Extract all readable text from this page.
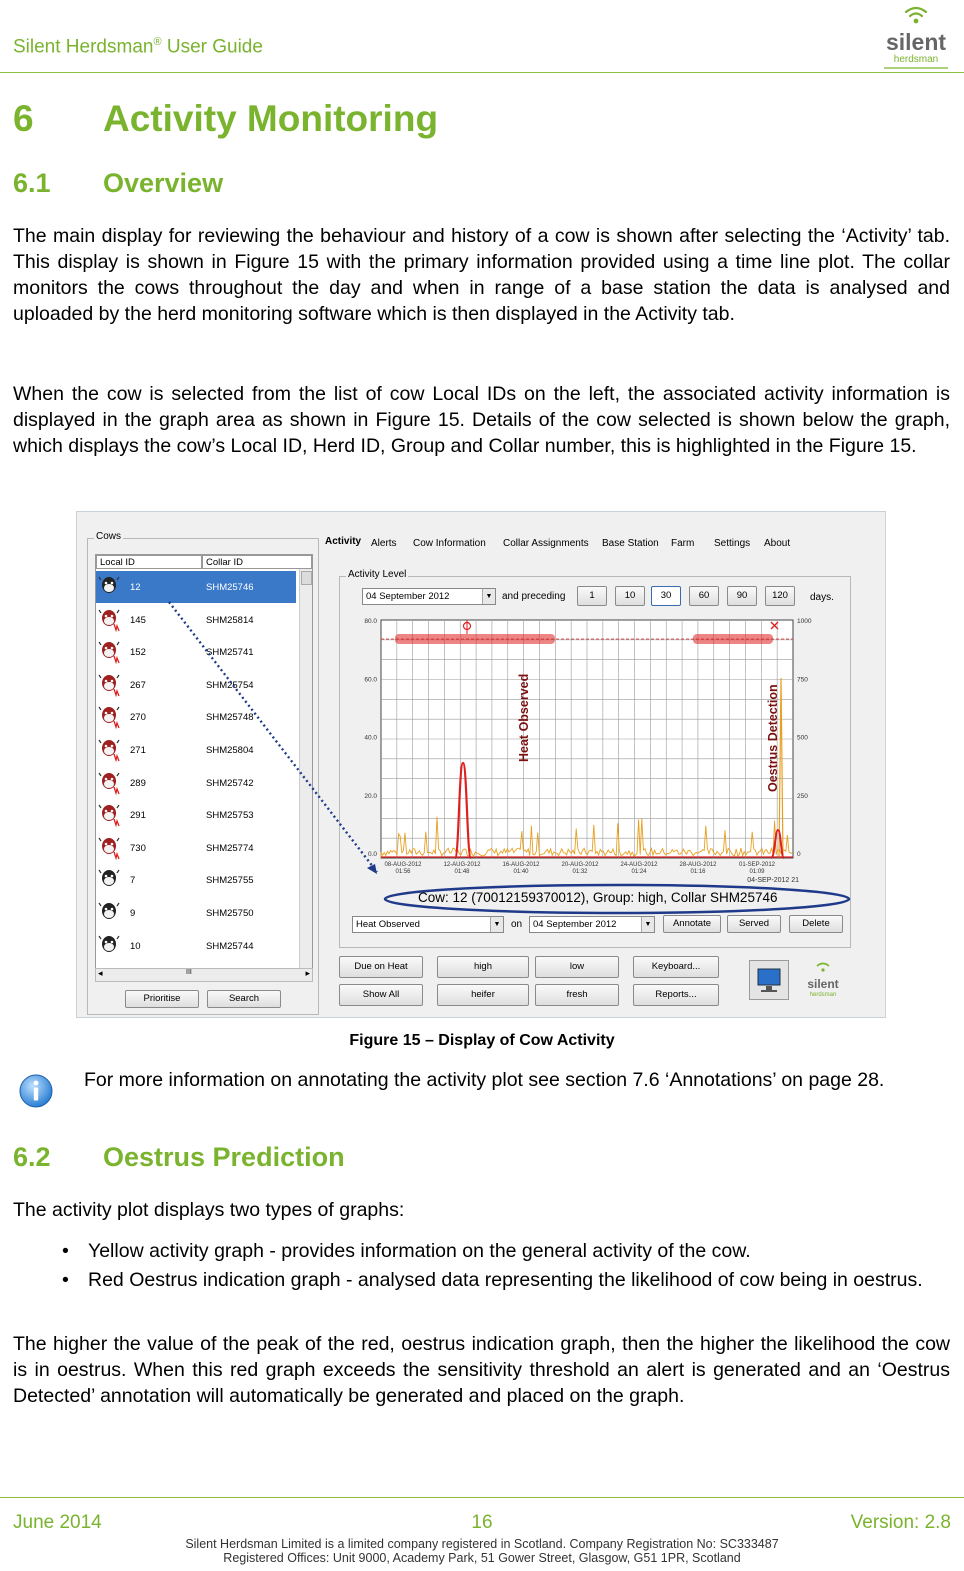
Silent Herdsman® User Guide	silent
herdsman
6 Activity Monitoring
6.1 Overview

The main display for reviewing the behaviour and history of a cow is shown after selecting the ‘Activity’ tab. This display is shown in Figure 15 with the primary information provided using a time line plot. The collar monitors the cows throughout the day and when in range of a base station the data is analysed and uploaded by the herd monitoring software which is then displayed in the Activity tab.

When the cow is selected from the list of cow Local IDs on the left, the associated activity information is displayed in the graph area as shown in Figure 15. Details of the cow selected is shown below the graph, which displays the cow’s Local ID, Herd ID, Group and Collar number, this is highlighted in the Figure 15.

Cows
Local ID	Collar ID
12	SHM25746
145	SHM25814
152	SHM25741
267	SHM25754
270	SHM25748
271	SHM25804
289	SHM25742
291	SHM25753
730	SHM25774
7	SHM25755
9	SHM25750
10	SHM25744
◂	III	▸
Prioritise	Search
Activity Alerts Cow Information Collar Assignments Base Station Farm Settings About
Activity Level
04 September 2012	▼ and preceding	1	10	30	60	90	120	days.
80.0
60.0
40.0
20.0
0.0
1000
750
500
250
0
08-AUG-2012
01:56
12-AUG-2012
01:48
16-AUG-2012
01:40
20-AUG-2012
01:32
24-AUG-2012
01:24
28-AUG-2012
01:16
01-SEP-2012
01:09
04-SEP-2012 21
Heat Observed	Oestrus Detection
Cow: 12 (70012159370012), Group: high, Collar SHM25746
Heat Observed	▼ on	04 September 2012	▼	Annotate	Served	Delete
Due on Heat
Show All
high
heifer
low
fresh
Keyboard...
Reports...
silent
herdsman
Figure 15 – Display of Cow Activity

For more information on annotating the activity plot see section 7.6 ‘Annotations’ on page 28.

6.2 Oestrus Prediction

The activity plot displays two types of graphs:

• Yellow activity graph - provides information on the general activity of the cow.

• Red Oestrus indication graph - analysed data representing the likelihood of cow being in oestrus.

The higher the value of the peak of the red, oestrus indication graph, then the higher the likelihood the cow is in oestrus. When this red graph exceeds the sensitivity threshold an alert is generated and an ‘Oestrus Detected’ annotation will automatically be generated and placed on the graph.

June 2014	16	Version: 2.8
Silent Herdsman Limited is a limited company registered in Scotland. Company Registration No: SC333487
Registered Offices: Unit 9000, Academy Park, 51 Gower Street, Glasgow, G51 1PR, Scotland
